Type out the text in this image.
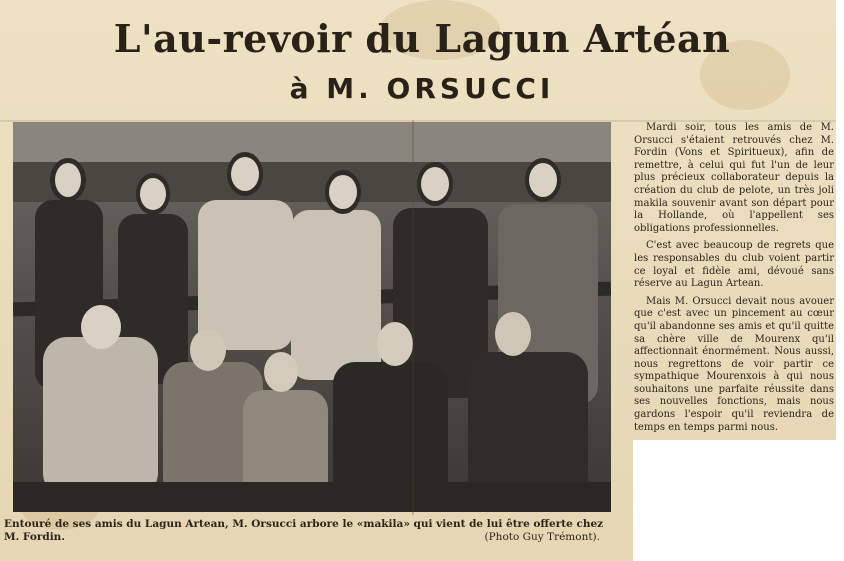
L'au-revoir du Lagun Artéan
à M. ORSUCCI
Entouré de ses amis du Lagun Artean, M. Orsucci arbore le «makila» qui vient de lui être offerte chez M. Fordin.	(Photo Guy Trémont).

Mardi soir, tous les amis de M. Orsucci s'étaient retrouvés chez M. Fordin (Vons et Spiritueux), afin de remettre, à celui qui fut l'un de leur plus précieux collaborateur depuis la création du club de pelote, un très joli makila souvenir avant son départ pour la Hollande, où l'appellent ses obligations professionnelles.

C'est avec beaucoup de regrets que les responsables du club voient partir ce loyal et fidèle ami, dévoué sans réserve au Lagun Artean.

Mais M. Orsucci devait nous avouer que c'est avec un pincement au cœur qu'il abandonne ses amis et qu'il quitte sa chère ville de Mourenx qu'il affectionnait énormément. Nous aussi, nous regrettons de voir partir ce sympathique Mourenxois à qui nous souhaitons une parfaite réussite dans ses nouvelles fonctions, mais nous gardons l'espoir qu'il reviendra de temps en temps parmi nous.
